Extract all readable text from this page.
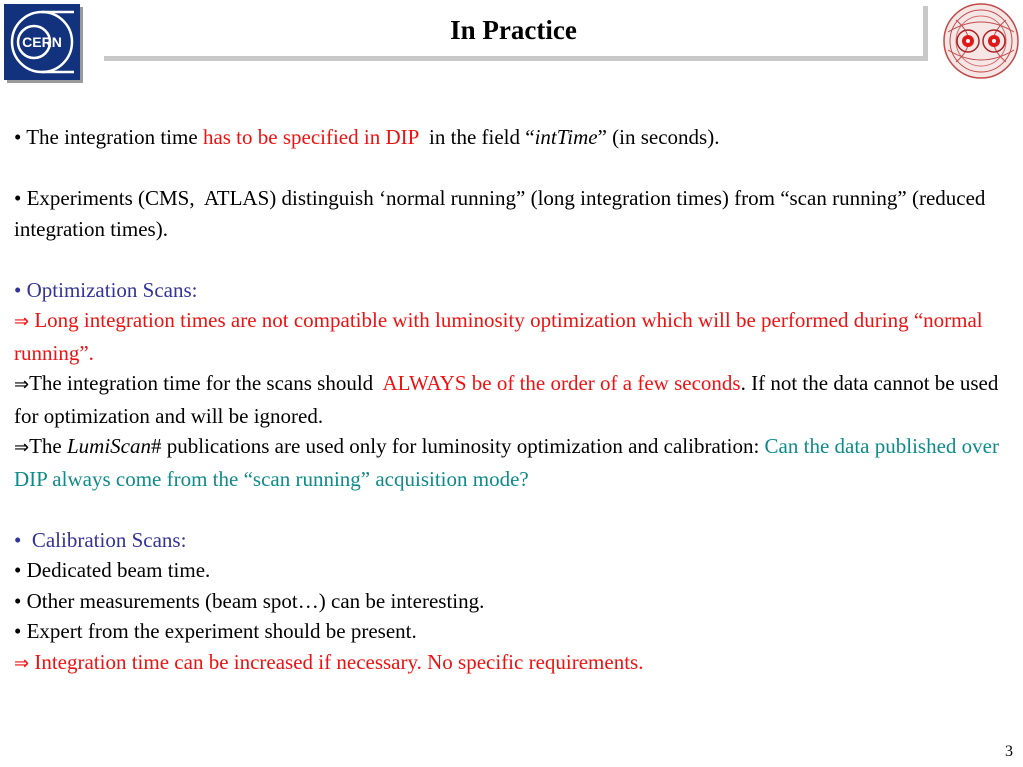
CERN	In Practice

• The integration time has to be specified in DIP  in the field “intTime” (in seconds).

• Experiments (CMS,  ATLAS) distinguish ‘normal running” (long integration times) from “scan running” (reduced integration times).

• Optimization Scans:

⇒ Long integration times are not compatible with luminosity optimization which will be performed during “normal running”.

⇒The integration time for the scans should  ALWAYS be of the order of a few seconds. If not the data cannot be used for optimization and will be ignored.

⇒The LumiScan# publications are used only for luminosity optimization and calibration: Can the data published over DIP always come from the “scan running” acquisition mode?

•  Calibration Scans:

• Dedicated beam time.

• Other measurements (beam spot…) can be interesting.

• Expert from the experiment should be present.

⇒ Integration time can be increased if necessary. No specific requirements.

3
